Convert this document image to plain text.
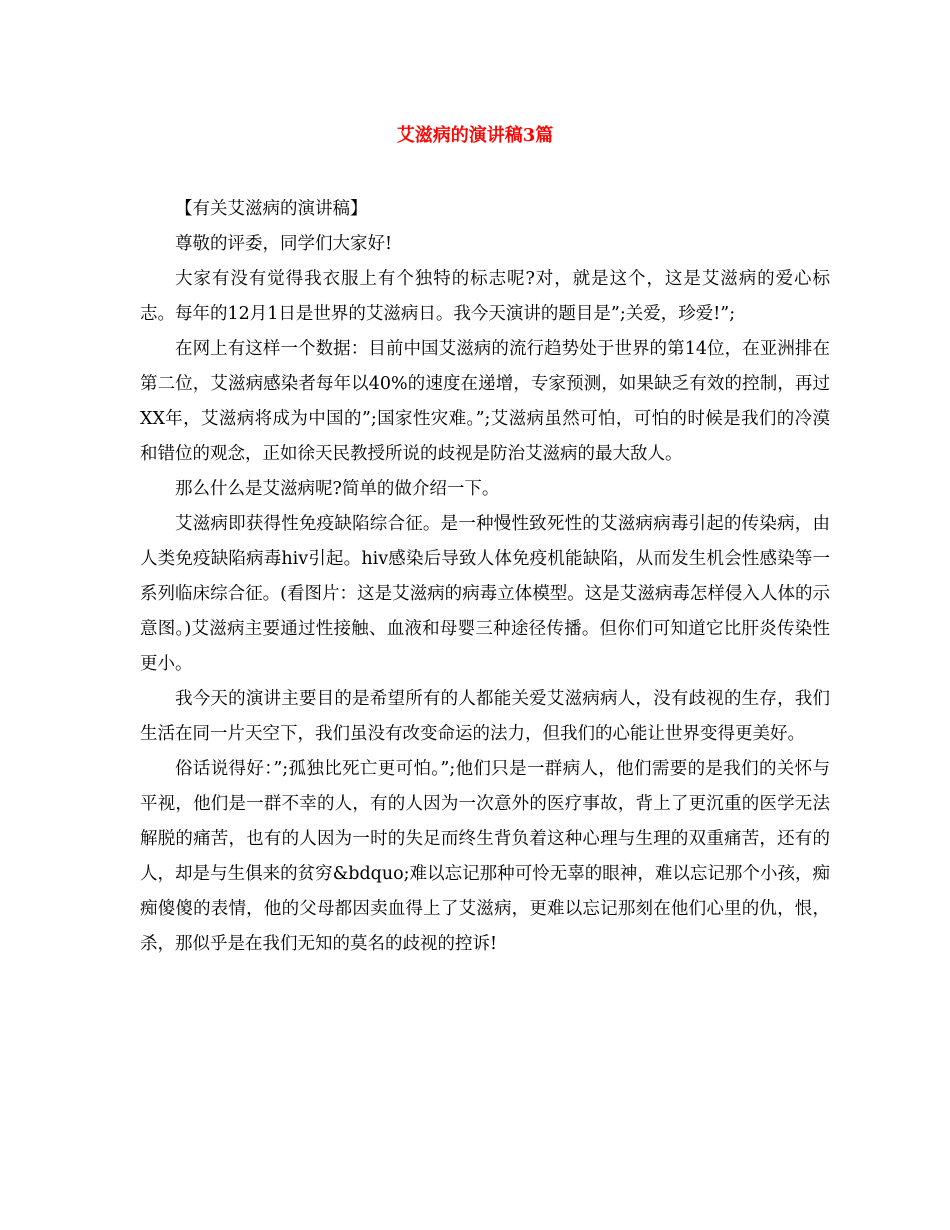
艾滋病的演讲稿3篇

【有关艾滋病的演讲稿】

尊敬的评委，同学们大家好!

大家有没有觉得我衣服上有个独特的标志呢?对，就是这个，这是艾滋病的爱心标志。每年的12月1日是世界的艾滋病日。我今天演讲的题目是”;关爱，珍爱!”;

在网上有这样一个数据：目前中国艾滋病的流行趋势处于世界的第14位，在亚洲排在第二位，艾滋病感染者每年以40%的速度在递增，专家预测，如果缺乏有效的控制，再过XX年，艾滋病将成为中国的”;国家性灾难。”;艾滋病虽然可怕，可怕的时候是我们的冷漠和错位的观念，正如徐天民教授所说的歧视是防治艾滋病的最大敌人。

那么什么是艾滋病呢?简单的做介绍一下。

艾滋病即获得性免疫缺陷综合征。是一种慢性致死性的艾滋病病毒引起的传染病，由人类免疫缺陷病毒hiv引起。hiv感染后导致人体免疫机能缺陷，从而发生机会性感染等一系列临床综合征。(看图片：这是艾滋病的病毒立体模型。这是艾滋病毒怎样侵入人体的示意图。)艾滋病主要通过性接触、血液和母婴三种途径传播。但你们可知道它比肝炎传染性更小。

我今天的演讲主要目的是希望所有的人都能关爱艾滋病病人，没有歧视的生存，我们生活在同一片天空下，我们虽没有改变命运的法力，但我们的心能让世界变得更美好。

俗话说得好：”;孤独比死亡更可怕。”;他们只是一群病人，他们需要的是我们的关怀与平视，他们是一群不幸的人，有的人因为一次意外的医疗事故，背上了更沉重的医学无法解脱的痛苦，也有的人因为一时的失足而终生背负着这种心理与生理的双重痛苦，还有的人，却是与生俱来的贫穷&bdquo;难以忘记那种可怜无辜的眼神，难以忘记那个小孩，痴痴傻傻的表情，他的父母都因卖血得上了艾滋病，更难以忘记那刻在他们心里的仇，恨，杀，那似乎是在我们无知的莫名的歧视的控诉!
